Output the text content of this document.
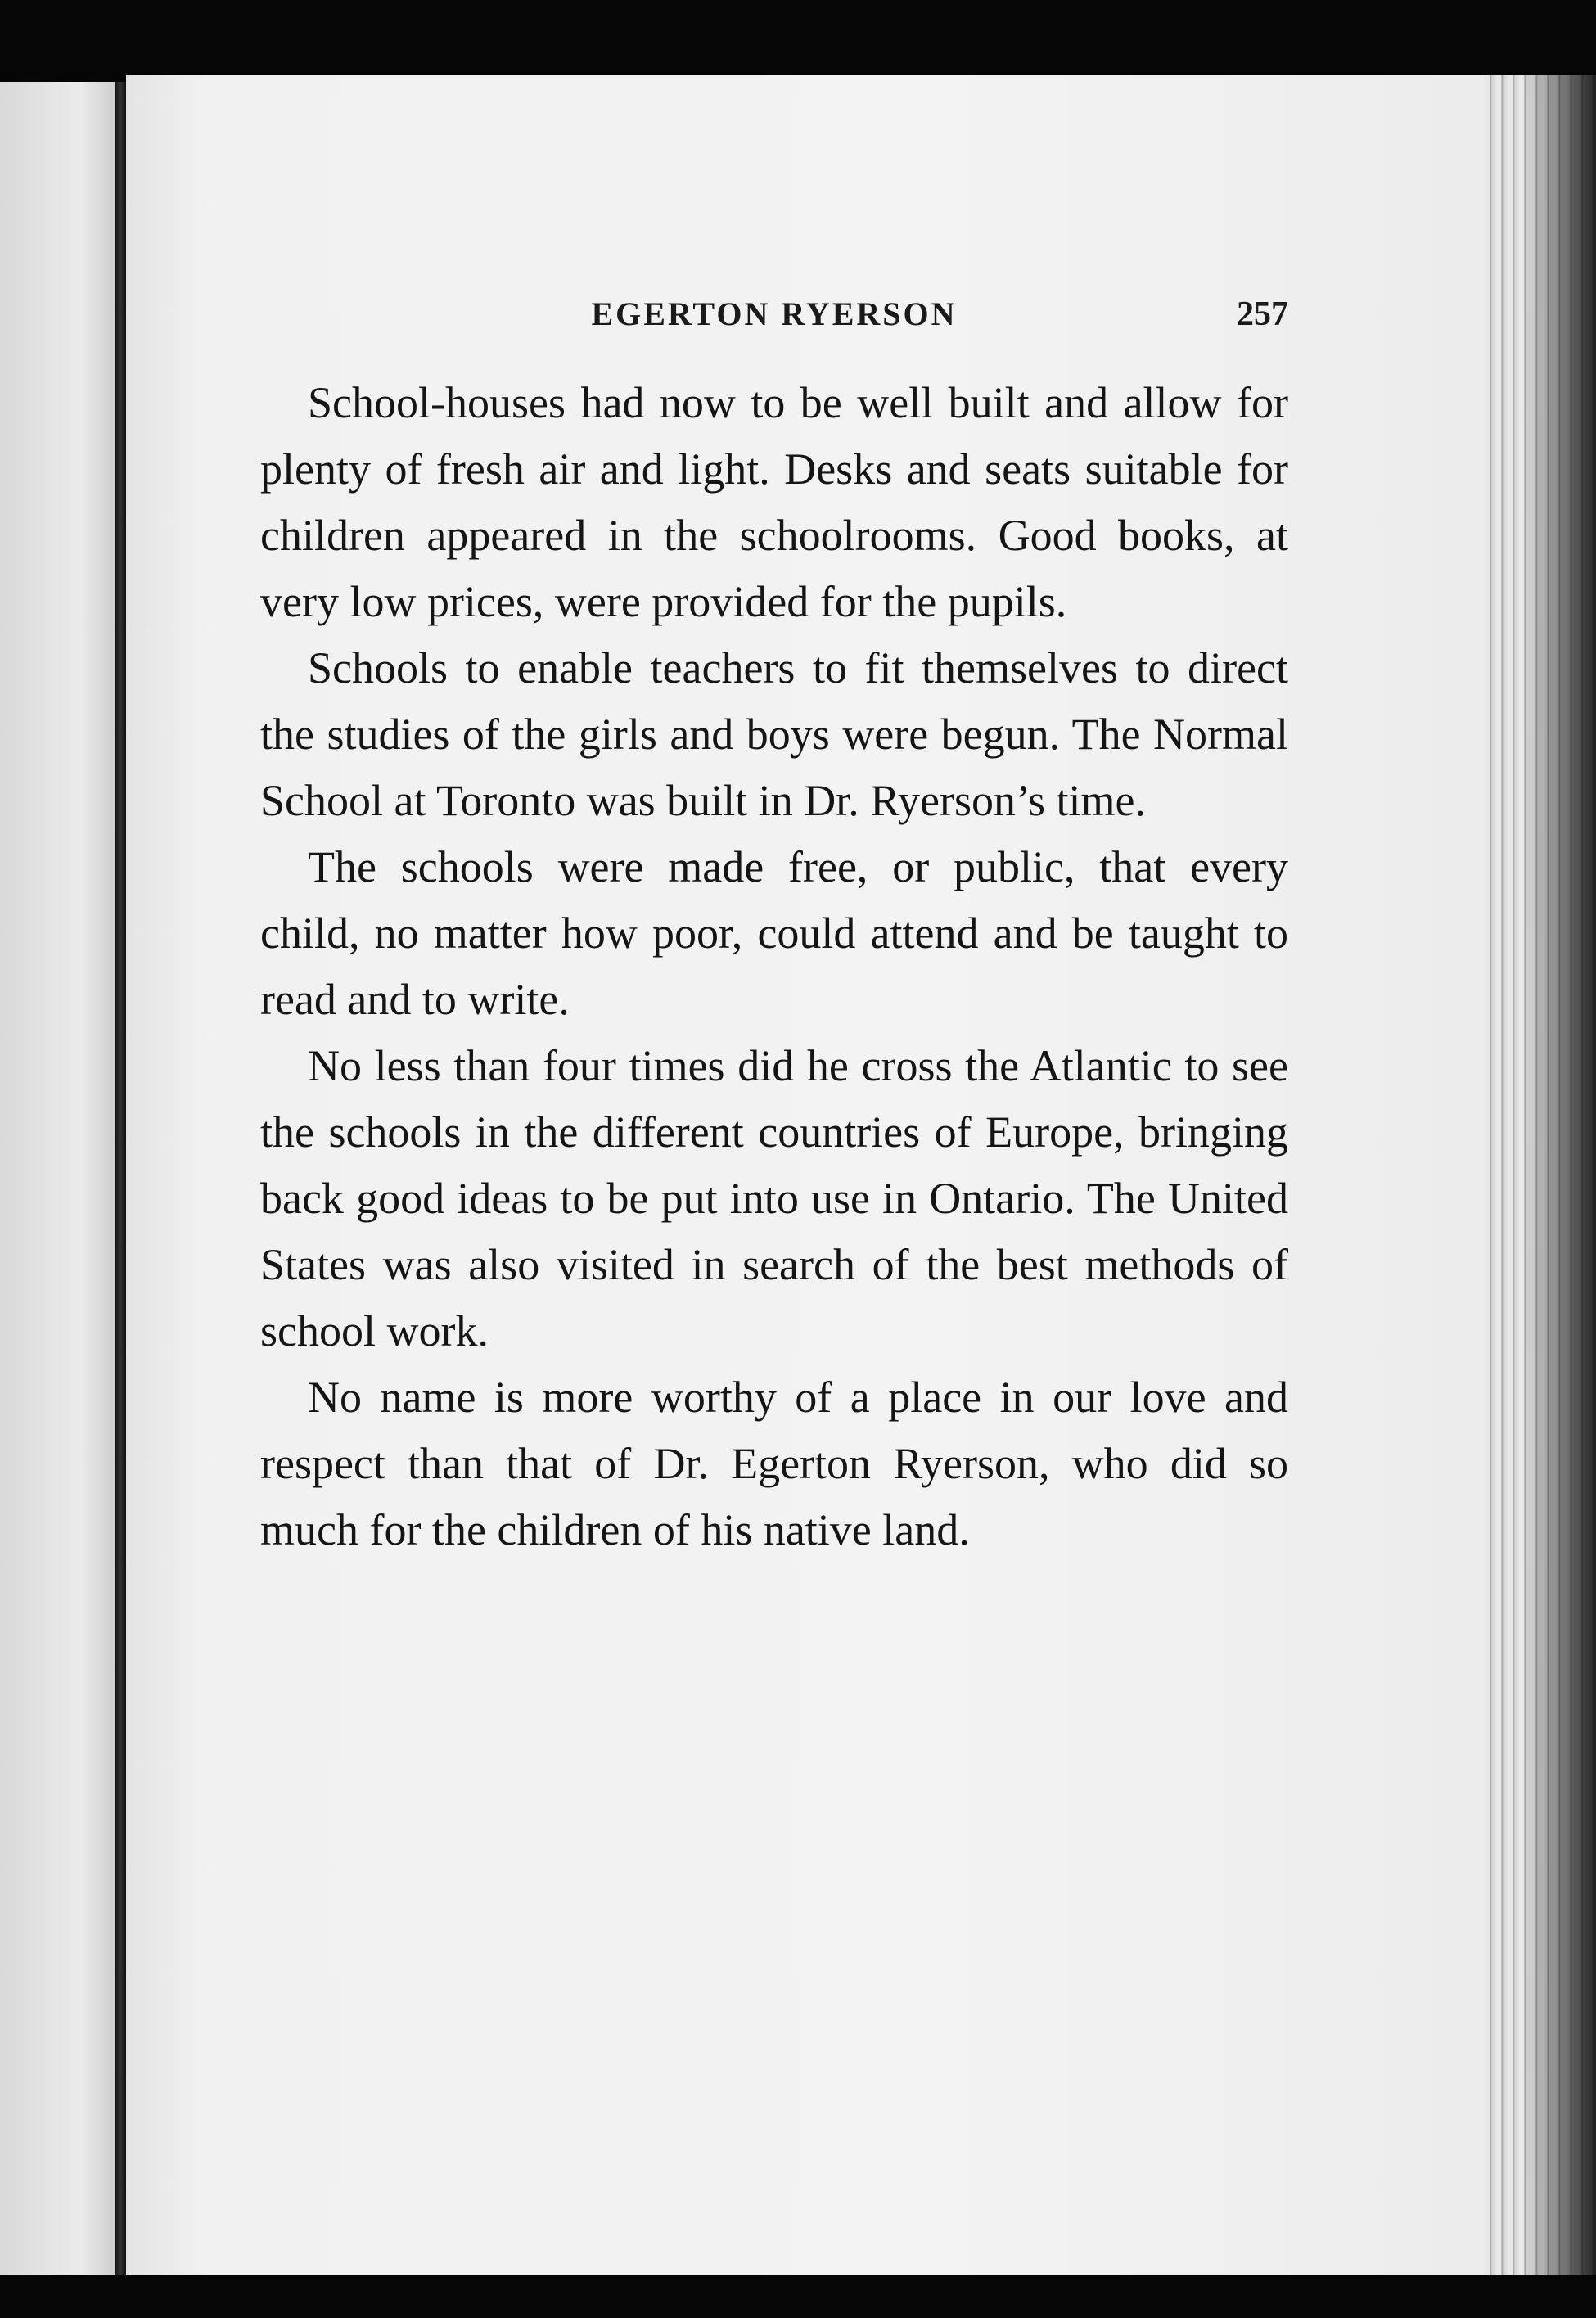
EGERTON RYERSON	257

School-houses had now to be well built and allow for plenty of fresh air and light. Desks and seats suitable for children appeared in the schoolrooms. Good books, at very low prices, were provided for the pupils.

Schools to enable teachers to fit themselves to direct the studies of the girls and boys were begun. The Normal School at Toronto was built in Dr. Ryerson’s time.

The schools were made free, or public, that every child, no matter how poor, could attend and be taught to read and to write.

No less than four times did he cross the Atlantic to see the schools in the different countries of Europe, bringing back good ideas to be put into use in Ontario. The United States was also visited in search of the best methods of school work.

No name is more worthy of a place in our love and respect than that of Dr. Egerton Ryerson, who did so much for the children of his native land.
